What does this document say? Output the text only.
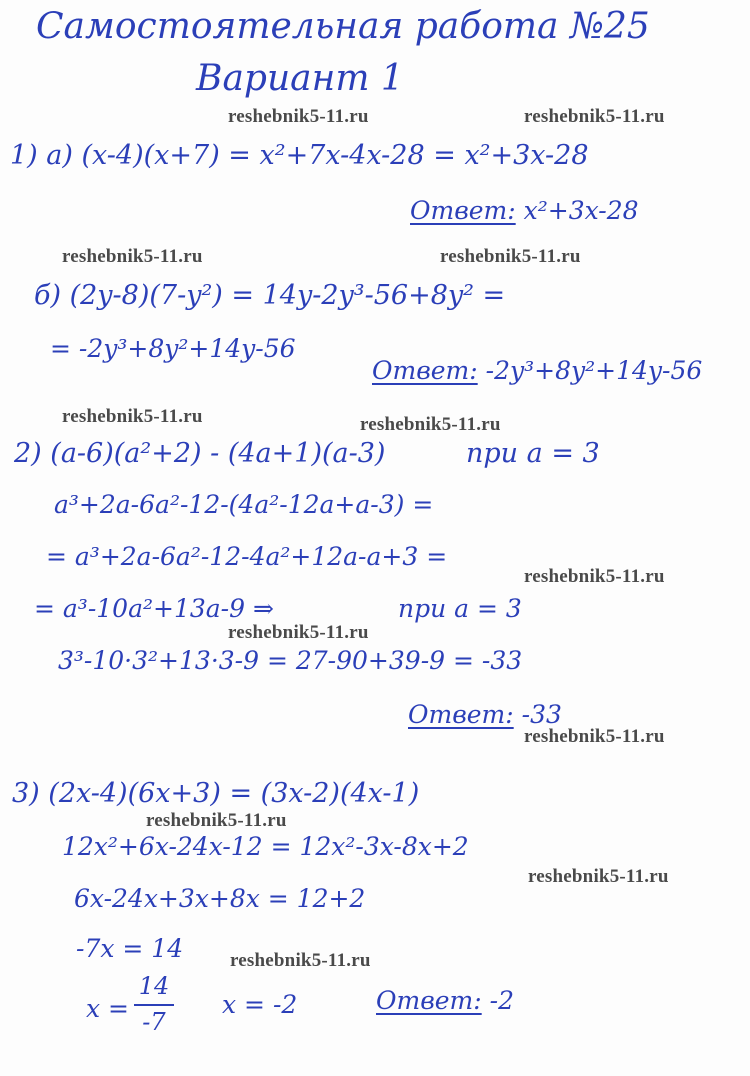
Самостоятельная работа №25
Вариант 1
reshebnik5-11.ru	reshebnik5-11.ru
reshebnik5-11.ru	reshebnik5-11.ru
reshebnik5-11.ru	reshebnik5-11.ru
reshebnik5-11.ru
reshebnik5-11.ru
reshebnik5-11.ru
reshebnik5-11.ru
reshebnik5-11.ru
reshebnik5-11.ru
1) а) (x-4)(x+7) = x²+7x-4x-28 = x²+3x-28
Ответ: x²+3x-28
б) (2y-8)(7-y²) = 14y-2y³-56+8y² =
= -2y³+8y²+14y-56
Ответ: -2y³+8y²+14y-56
2) (a-6)(a²+2) - (4a+1)(a-3)	при a = 3
a³+2a-6a²-12-(4a²-12a+a-3) =
= a³+2a-6a²-12-4a²+12a-a+3 =
= a³-10a²+13a-9 ⇒	при a = 3
3³-10·3²+13·3-9 = 27-90+39-9 = -33
Ответ: -33
3) (2x-4)(6x+3) = (3x-2)(4x-1)
12x²+6x-24x-12 = 12x²-3x-8x+2
6x-24x+3x+8x = 12+2
-7x = 14
x =
14
-7
x = -2	Ответ: -2
